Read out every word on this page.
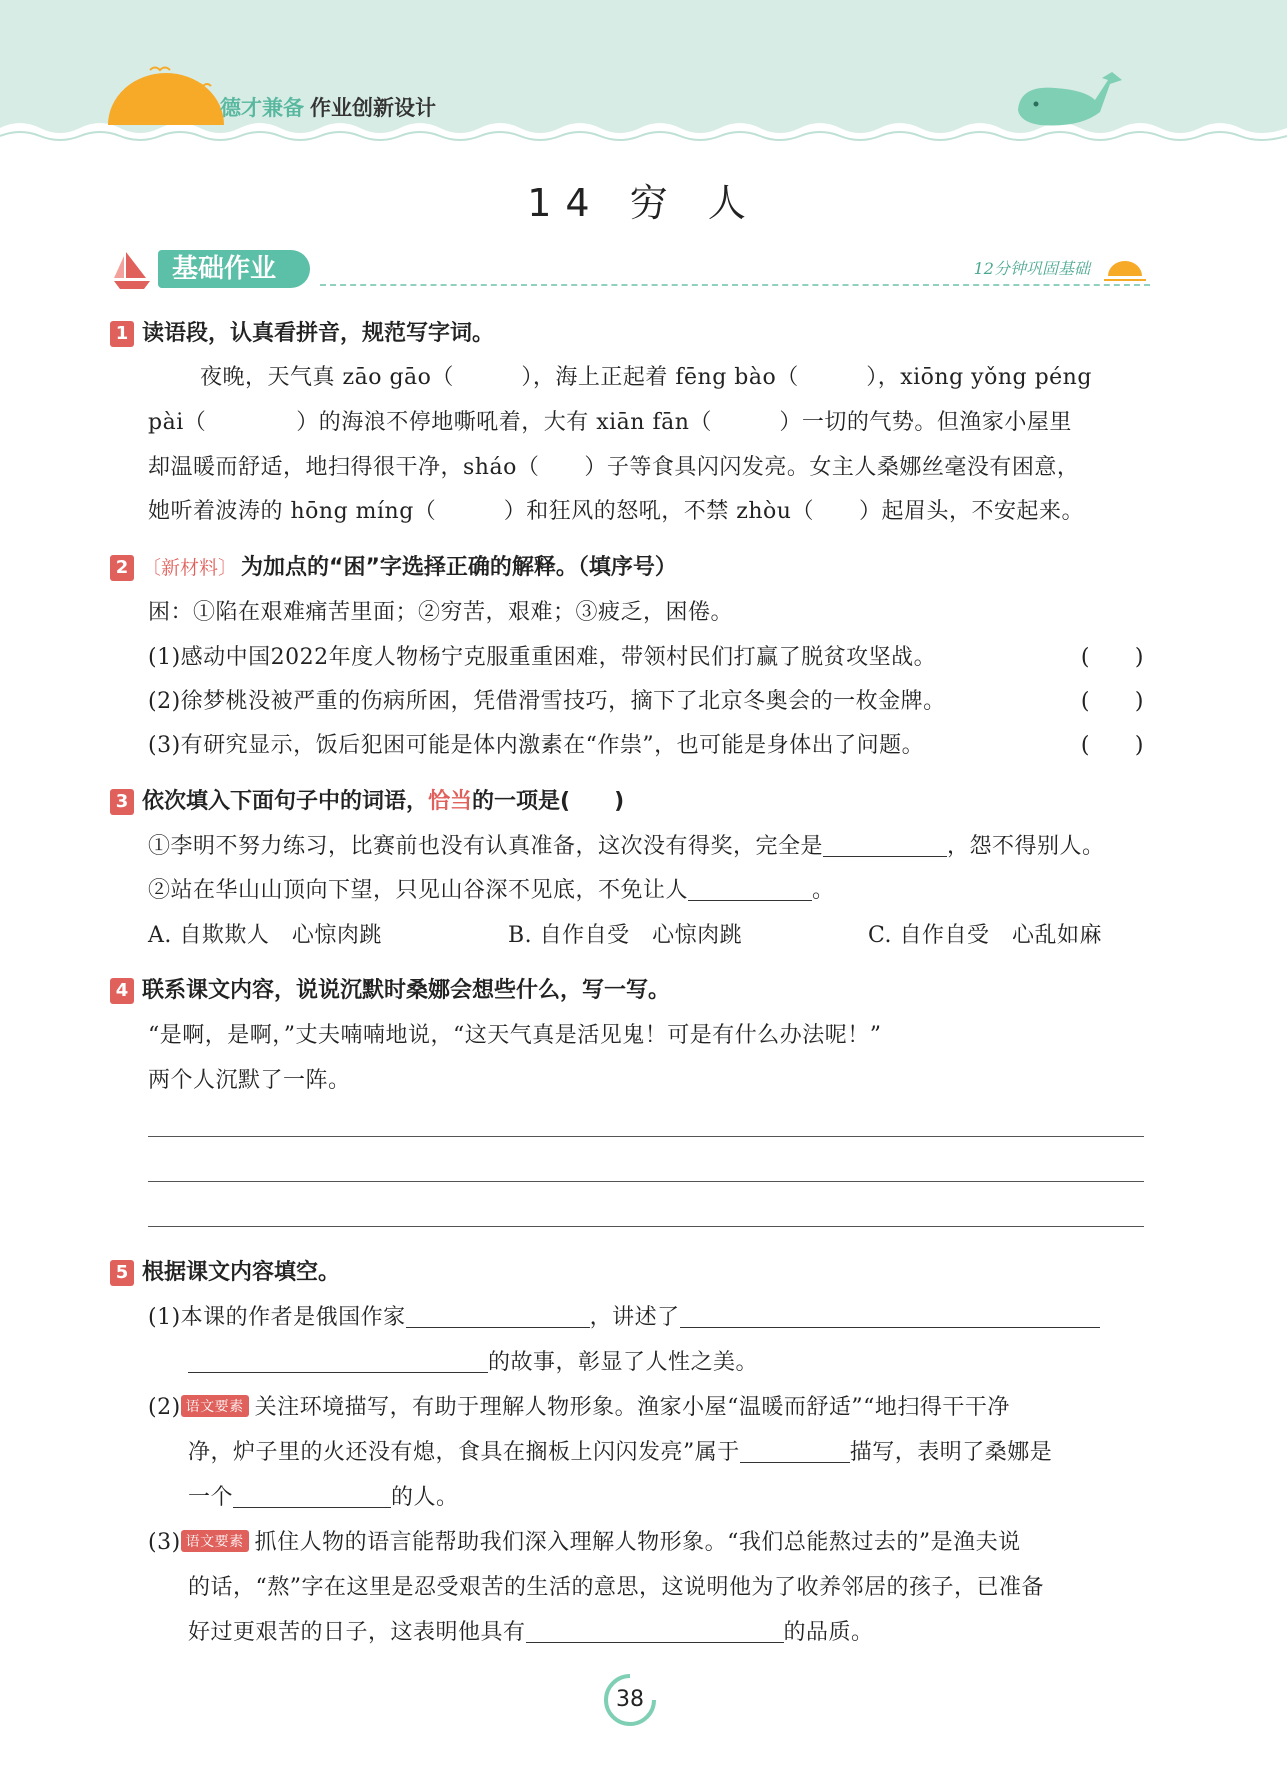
德才兼备 作业创新设计
14 穷 人
基础作业	12分钟巩固基础
1 读语段，认真看拼音，规范写字词。
夜晚，天气真 zāo gāo（　　　），海上正起着 fēng bào（　　　），xiōng yǒng péng
pài（　　　　）的海浪不停地嘶吼着，大有 xiān fān（　　　）一切的气势。但渔家小屋里
却温暖而舒适，地扫得很干净，sháo（　　）子等食具闪闪发亮。女主人桑娜丝毫没有困意，
她听着波涛的 hōng míng（　　　）和狂风的怒吼，不禁 zhòu（　　）起眉头，不安起来。
2 〔新材料〕 为加点的“困”字选择正确的解释。（填序号）
困：①陷在艰难痛苦里面；②穷苦，艰难；③疲乏，困倦。
(1)感动中国2022年度人物杨宁克服重重困难，带领村民们打赢了脱贫攻坚战。	(　　)
(2)徐梦桃没被严重的伤病所困，凭借滑雪技巧，摘下了北京冬奥会的一枚金牌。	(　　)
(3)有研究显示，饭后犯困可能是体内激素在“作祟”，也可能是身体出了问题。	(　　)
3 依次填入下面句子中的词语，恰当的一项是(　　)
①李明不努力练习，比赛前也没有认真准备，这次没有得奖，完全是	，怨不得别人。
②站在华山山顶向下望，只见山谷深不见底，不免让人	。
A. 自欺欺人　心惊肉跳	B. 自作自受　心惊肉跳	C. 自作自受　心乱如麻
4 联系课文内容，说说沉默时桑娜会想些什么，写一写。
“是啊，是啊，”丈夫喃喃地说，“这天气真是活见鬼！可是有什么办法呢！”
两个人沉默了一阵。
5 根据课文内容填空。
(1)本课的作者是俄国作家	，讲述了
的故事，彰显了人性之美。
(2) 语文要素 关注环境描写，有助于理解人物形象。渔家小屋“温暖而舒适”“地扫得干干净
净，炉子里的火还没有熄，食具在搁板上闪闪发亮”属于	描写，表明了桑娜是
一个	的人。
(3) 语文要素 抓住人物的语言能帮助我们深入理解人物形象。“我们总能熬过去的”是渔夫说
的话，“熬”字在这里是忍受艰苦的生活的意思，这说明他为了收养邻居的孩子，已准备
好过更艰苦的日子，这表明他具有	的品质。
38
